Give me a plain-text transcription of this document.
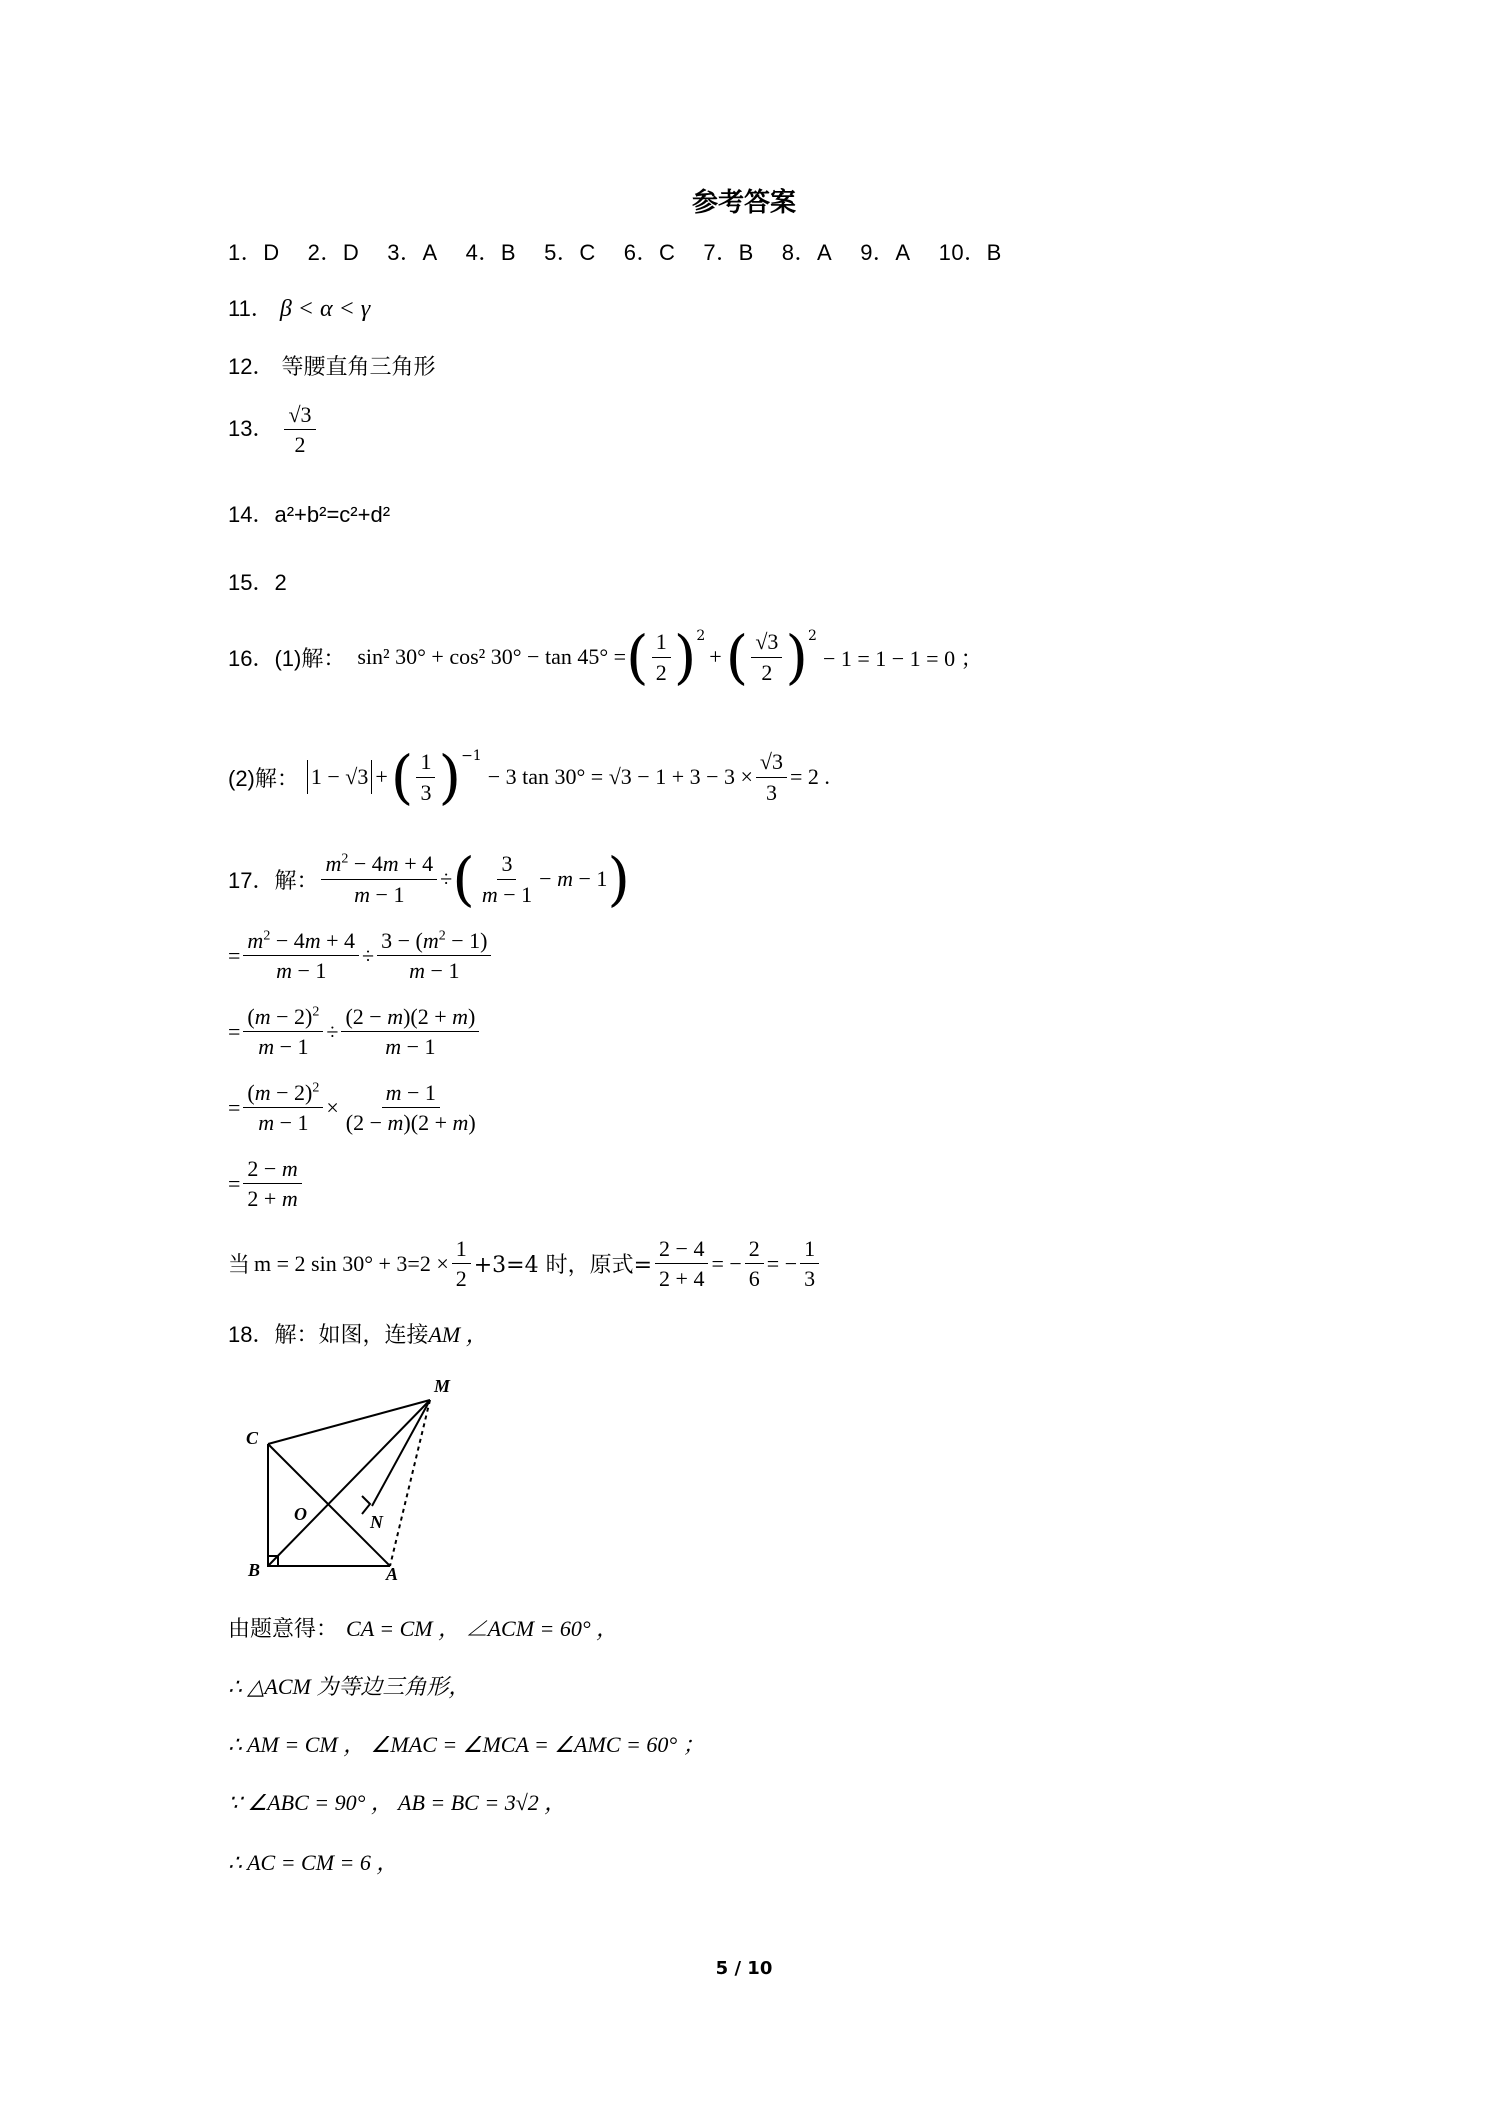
参考答案
1．D 2．D 3．A 4．B 5．C 6．C 7．B 8．A 9．A 10．B
11． β < α < γ
12． 等腰直角三角形
13． $\frac{√3}{2}$
14．a²+b²=c²+d²
15．2
16．(1)解： sin² 30° + cos² 30° − tan 45° = ( $\frac{1}{2} )^2$
+ ( $\frac{√3}{2} )^2$
− 1 = 1 − 1 = 0 ；
(2)解： 1 − √3 + ( $\frac{1}{3} )^{-1}$
− 3 $\tan 30^\circ = √3 - 1 + 3 - 3 \times \frac{√3}{3} = 2$ .
17．解： $\frac{m^2 - 4m + 4}{m - 1}$ ÷ ( $\frac{3}{m - 1} - m - 1$ )
= $\frac{m^2 - 4m + 4}{m - 1} \div \frac{3 - (m^2 - 1)}{m - 1}$
= $\frac{(m - 2)^2}{m - 1} \div \frac{(2 - m)(2 + m)}{m - 1}$
= $\frac{(m - 2)^2}{m - 1} \times \frac{m - 1}{(2 - m)(2 + m)}$
= $\frac{2 - m}{2 + m}$
当 m = 2 $\sin 30^\circ + 3=2 \times \frac{1}{2} +3=4$ 时，原式= $\frac{2 - 4}{2 + 4}$ = − $\frac{2}{6}$ = − $\frac{1}{3}$
18．解：如图，连接AM ，
M
C
O	N
B	A
由题意得： CA = CM ， ∠ACM = 60° ，
∴ △ACM 为等边三角形，
∴ AM = CM ， ∠MAC = ∠MCA = ∠AMC = 60° ；
∵ ∠ABC = 90° ， AB = BC = 3√2 ，
∴ AC = CM = 6 ，
5 / 10
